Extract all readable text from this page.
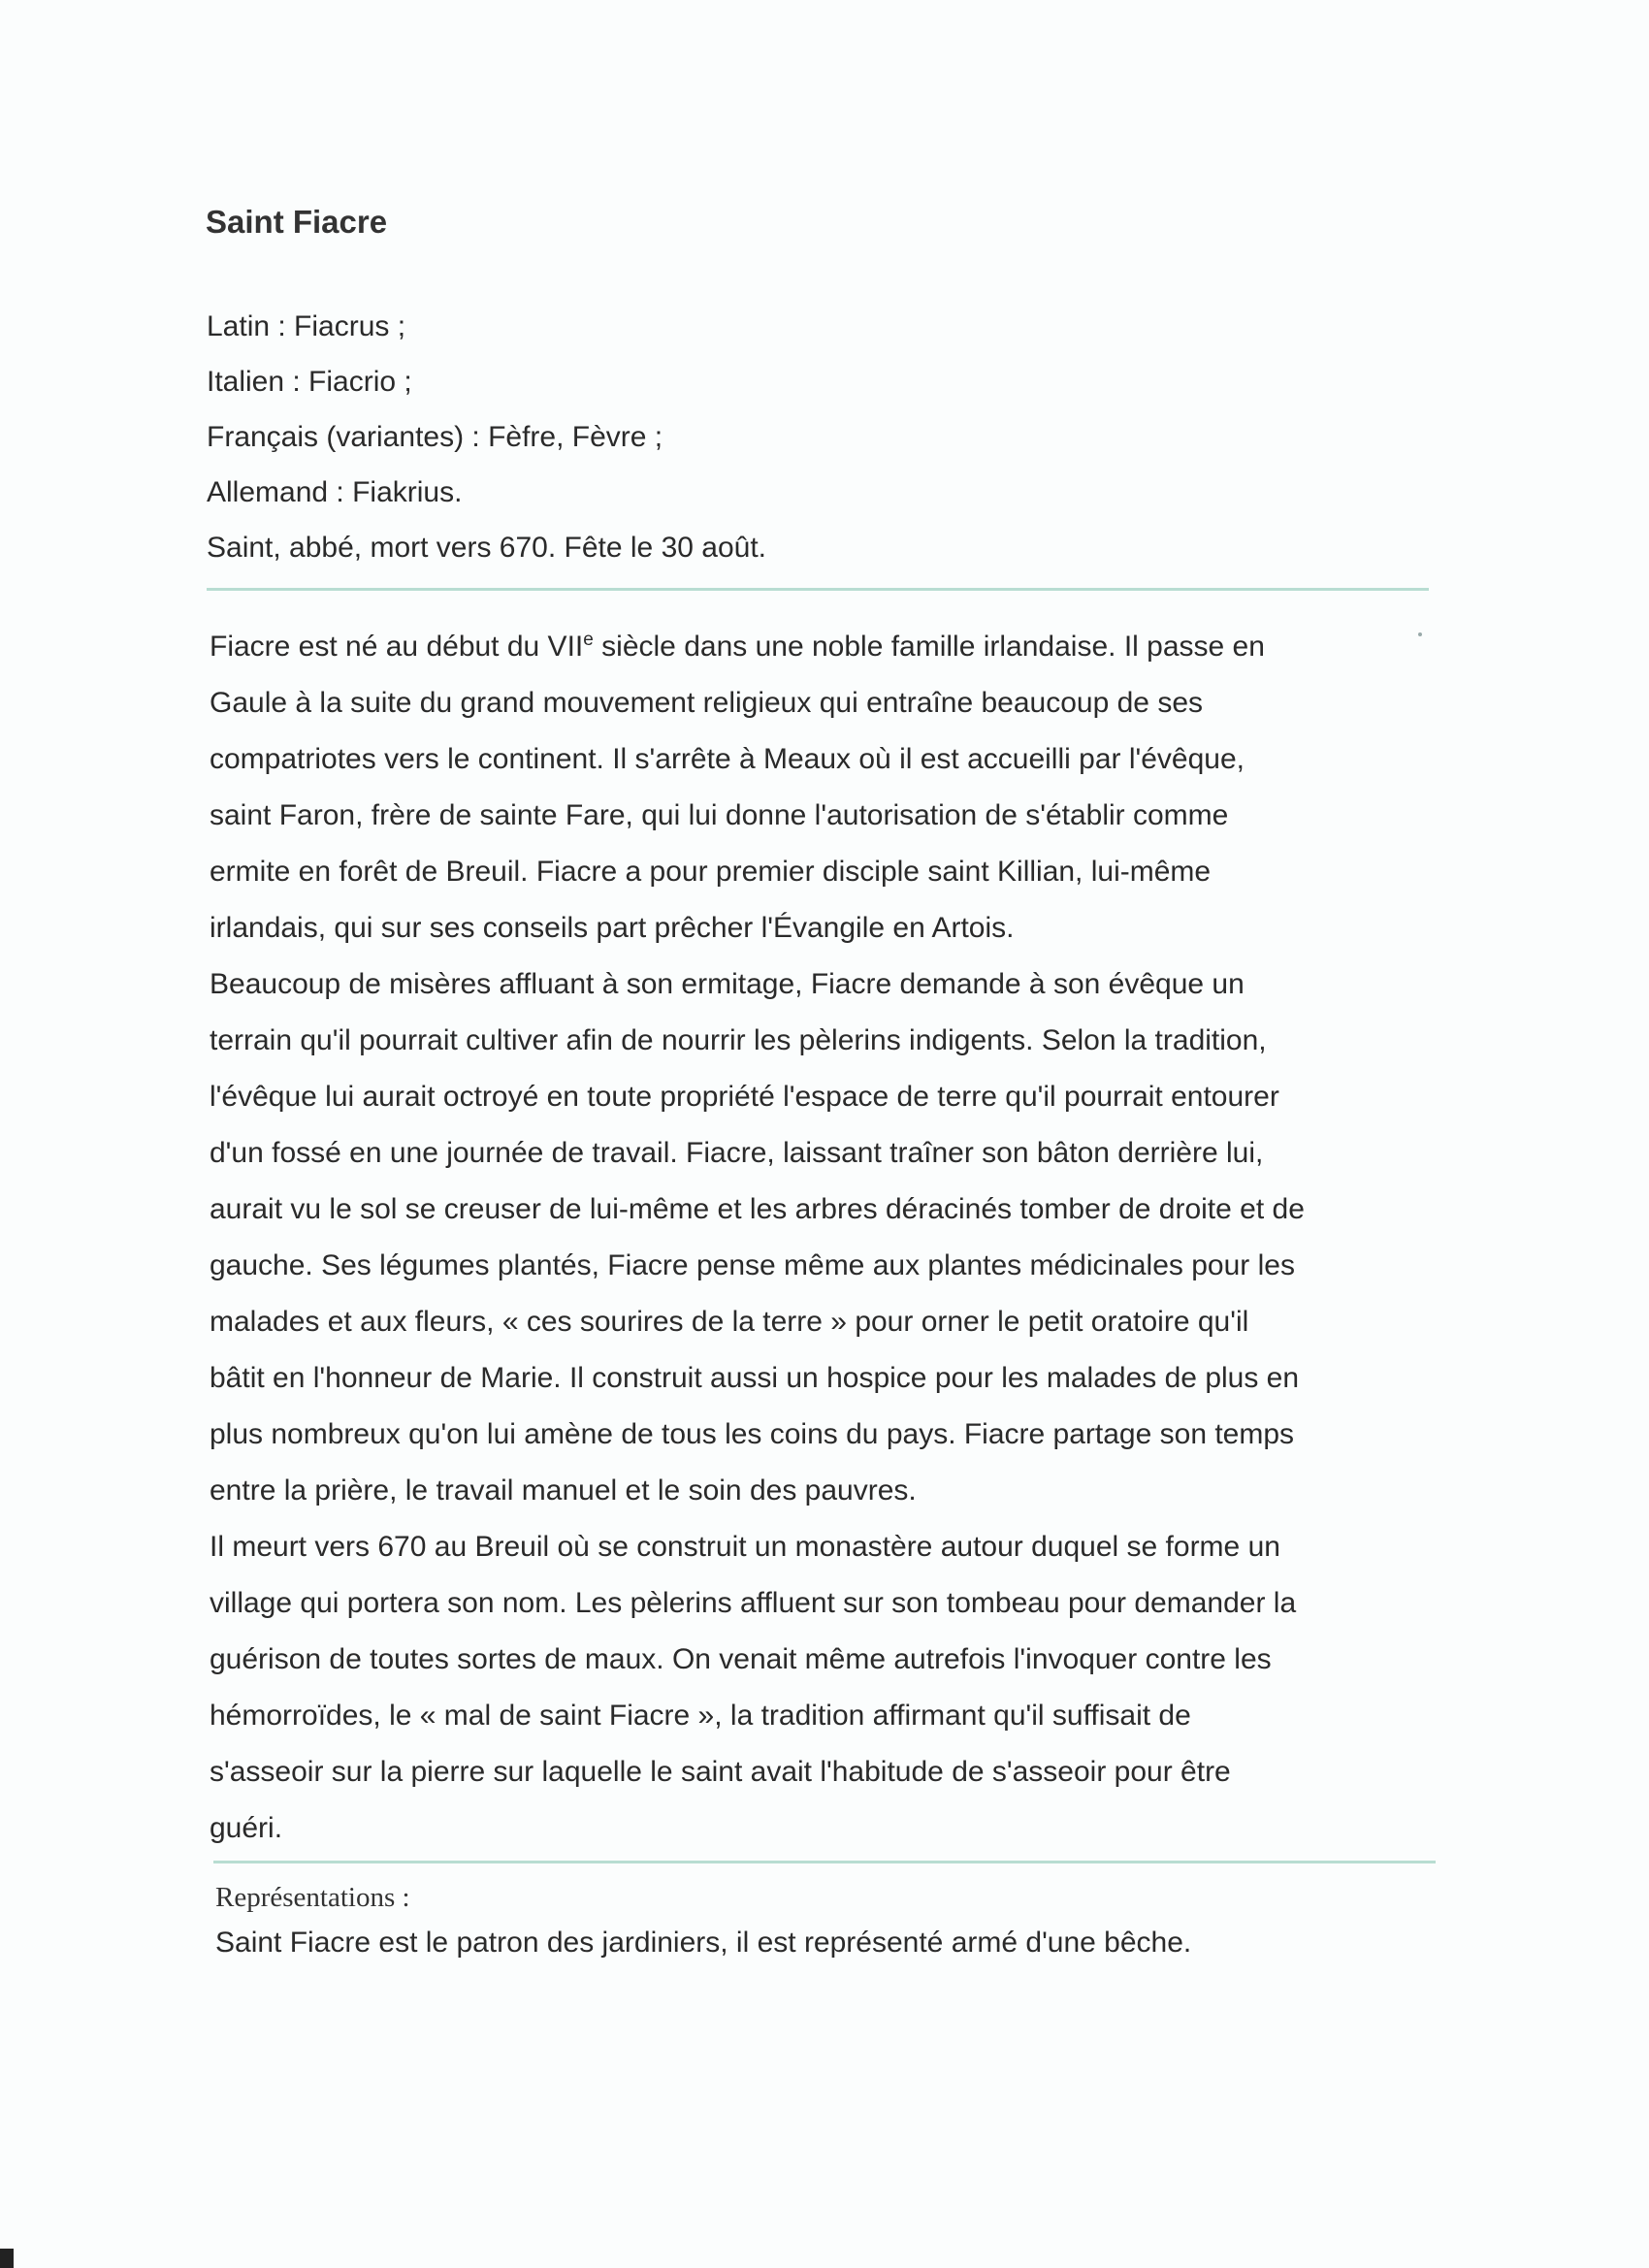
Saint Fiacre
Latin : Fiacrus ;
Italien : Fiacrio ;
Français (variantes) : Fèfre, Fèvre ;
Allemand : Fiakrius.
Saint, abbé, mort vers 670. Fête le 30 août.
Fiacre est né au début du VIIe siècle dans une noble famille irlandaise. Il passe en
Gaule à la suite du grand mouvement religieux qui entraîne beaucoup de ses
compatriotes vers le continent. Il s'arrête à Meaux où il est accueilli par l'évêque,
saint Faron, frère de sainte Fare, qui lui donne l'autorisation de s'établir comme
ermite en forêt de Breuil. Fiacre a pour premier disciple saint Killian, lui-même
irlandais, qui sur ses conseils part prêcher l'Évangile en Artois.
Beaucoup de misères affluant à son ermitage, Fiacre demande à son évêque un
terrain qu'il pourrait cultiver afin de nourrir les pèlerins indigents. Selon la tradition,
l'évêque lui aurait octroyé en toute propriété l'espace de terre qu'il pourrait entourer
d'un fossé en une journée de travail. Fiacre, laissant traîner son bâton derrière lui,
aurait vu le sol se creuser de lui-même et les arbres déracinés tomber de droite et de
gauche. Ses légumes plantés, Fiacre pense même aux plantes médicinales pour les
malades et aux fleurs, « ces sourires de la terre » pour orner le petit oratoire qu'il
bâtit en l'honneur de Marie. Il construit aussi un hospice pour les malades de plus en
plus nombreux qu'on lui amène de tous les coins du pays. Fiacre partage son temps
entre la prière, le travail manuel et le soin des pauvres.
Il meurt vers 670 au Breuil où se construit un monastère autour duquel se forme un
village qui portera son nom. Les pèlerins affluent sur son tombeau pour demander la
guérison de toutes sortes de maux. On venait même autrefois l'invoquer contre les
hémorroïdes, le « mal de saint Fiacre », la tradition affirmant qu'il suffisait de
s'asseoir sur la pierre sur laquelle le saint avait l'habitude de s'asseoir pour être
guéri.
Représentations :
Saint Fiacre est le patron des jardiniers, il est représenté armé d'une bêche.
